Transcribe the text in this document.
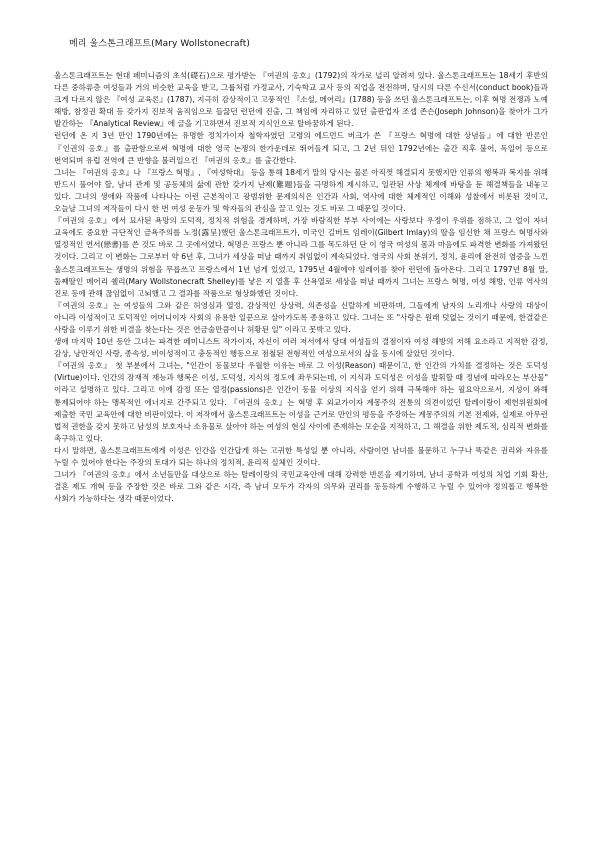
메리 울스톤크래프트(Mary Wollstonecraft)

울스톤크래프트는 현대 페미니즘의 초석(礎石)으로 평가받는 『여권의 옹호』(1792)의 작가로 널리 알려져 있다. 울스톤크래프트는 18세기 후반의 다른 중하류층 여성들과 거의 비슷한 교육을 받고, 그룹처럼 가정교사, 기숙학교 교사 등의 직업을 전전하며, 당시의 다른 수신서(conduct book)들과 크게 다르지 않은 『여성 교육론』(1787), 지극히 감상적이고 고풍적인 『소설, 메어리』(1788) 등을 쓰던 울스톤크래프트는, 이후 혁명 전쟁과 노예 해방, 참정권 확대 등 갖가지 진보적 움직임으로 들끓던 런던에 진출, 그 책임에 자리하고 있던 출판업자 조셉 존슨(Joseph Johnson)을 찾아가 그가 발간하는 『Analytical Review』에 글을 기고하면서 진보적 지식인으로 탈바꿈하게 된다.

런던에 온 지 3년 만인 1790년에는 유명한 정치가이자 철학자였던 고령의 에드먼드 버크가 쓴 『프랑스 혁명에 대한 상념들』에 대한 반론인 『인권의 옹호』를 출판함으로써 혁명에 대한 영국 논쟁의 한가운데로 뛰어들게 되고, 그 2년 뒤인 1792년에는 출간 직후 불어, 독일어 등으로 번역되며 유럽 전역에 큰 반향을 불러일으킨 『여권의 옹호』를 출간한다.

그녀는 『여권의 옹호』나 『프랑스 혁명』, 『여성학대』 등을 통해 18세기 말의 당시는 물론 아직껏 해결되지 못했지만 인류의 행복과 복지를 위해 반드시 풀어야 할, 남녀 관계 및 공동체의 삶에 관한 갖가지 난제(難題)들을 극명하게 제시하고, 일관된 사상 체계에 바탕을 둔 해결책들을 내놓고 있다. 그녀의 생애와 작품에 나타나는 이런 근본적이고 광범위한 문제의식은 인간과 사회, 역사에 대한 체계적인 이해와 성찰에서 비롯된 것이고, 오늘날 그녀의 저작들이 다시 한 번 여성 운동가 및 학자들의 관심을 끌고 있는 것도 바로 그 때문일 것이다.

『여권의 옹호』에서 묘사된 욕망의 도덕적, 정치적 위험을 경계하며, 가장 바람직한 부부 사이에는 사랑보다 우정이 우위를 점하고, 그 얼이 자녀 교육에도 중요한 극단적인 금욕주의를 노정(露呈)했던 울스톤크래프트가, 미국인 길버트 임레이(Gilbert Imlay)의 딸을 임신한 채 프랑스 혁명사와 열정적인 연서(戀書)를 쓴 것도 바로 그 곳에서였다. 혁명은 프랑스 뿐 아니라 그를 목도하던 단 이 영국 여성의 몸과 마음에도 파격한 변화를 가져왔던 것이다. 그리고 이 변화는 그로부터 약 6년 후, 그녀가 세상을 떠날 때까지 취임없이 계속되었다. 영국의 사회 분위기, 정치, 윤리에 완전히 염증을 느낀 울스톤크래프트는 생명의 위험을 무릅쓰고 프랑스에서 1년 넘게 있었고, 1795년 4월에야 임레이를 찾아 런던에 돌아온다. 그리고 1797년 8월 말, 둘째딸인 메어리 쉘리(Mary Wollstonecraft Shelley)를 낳은 지 열흘 후 산욕열로 세상을 떠날 때까지 그녀는 프랑스 혁명, 여성 해방, 인류 역사의 진로 등에 관해 끊임없이 고뇌했고 그 결과를 작품으로 형상화했던 것이다.

『여권의 옹호』는 여성들의 그와 같은 허영심과 열정, 감상적인 상상력, 의존성을 신랄하게 비판하며, 그들에게 남자의 노리개나 사랑의 대상이 아니라 이성적이고 도덕적인 어머니이자 사회의 유용한 일꾼으로 살아가도록 종용하고 있다. 그녀는 또 "사랑은 원래 덧없는 것이기 때문에, 한결같은 사랑을 이루기 위한 비결을 찾는다는 것은 연금술만큼이나 허황된 일" 이라고 못박고 있다.

생애 마지막 10년 동안 그녀는 파격한 페미니스트 작가이자, 자신이 여러 저서에서 당대 여성들의 결점이자 여성 해방의 저해 요소라고 지적한 감정, 감상, 낭만적인 사랑, 종속성, 비이성적이고 충동적인 행동으로 점철된 전형적인 여성으로서의 삶을 동시에 살았던 것이다.

『여권의 옹호』 첫 부분에서 그녀는, "인간이 동물보다 우월한 이유는 바로 그 이성(Reason) 때문이고, 한 인간의 가치를 결정하는 것은 도덕성(Virtue)이다. 인간의 잠재적 재능과 행복은 이성, 도덕성, 지식의 정도에 좌우되는데, 이 지식과 도덕성은 이성을 발휘할 때 정념에 따라오는 부산물" 이라고 설명하고 있다. 그리고 이에 감정 또는 열정(passions)은 인간이 동물 이상의 지식을 얻기 위해 극복해야 하는 필요악으로서, 지성이 와해 통제되어야 하는 맹목적인 에너지로 간주되고 있다. 『여권의 옹호』는 혁명 후 외교가이자 계몽주의 전통의 의견이었던 탈레이랑이 제헌위원회에 제출한 국민 교육안에 대한 비판이었다. 이 저작에서 울스톤크래프트는 이성을 근거로 만인의 평등을 주장하는 계몽주의의 기본 전제와, 실제로 아무런 법적 권한을 갖지 못하고 남성의 보호자나 소유물로 살아야 하는 여성의 현실 사이에 존재하는 모순을 지적하고, 그 해결을 위한 제도적, 심리적 변화를 촉구하고 있다.

다시 말하면, 울스톤크래프트에게 이성은 인간을 인간답게 하는 고귀한 특성일 뿐 아니라, 사람이면 남녀를 불문하고 누구나 똑같은 권리와 자유를 누릴 수 있어야 한다는 주장의 토대가 되는 하나의 정치적, 윤리적 실체인 것이다.

그녀가 『여권의 옹호』에서 소년들만을 대상으로 하는 탈레이랑의 국민교육안에 대해 강력한 반론을 제기하며, 남녀 공학과 여성의 처업 기회 확산, 결혼 제도 개혁 등을 주장한 것은 바로 그와 같은 시각, 즉 남녀 모두가 각자의 의무와 권리를 동등하게 수행하고 누릴 수 있어야 정의롭고 행복한 사회가 가능하다는 생각 때문이었다.
